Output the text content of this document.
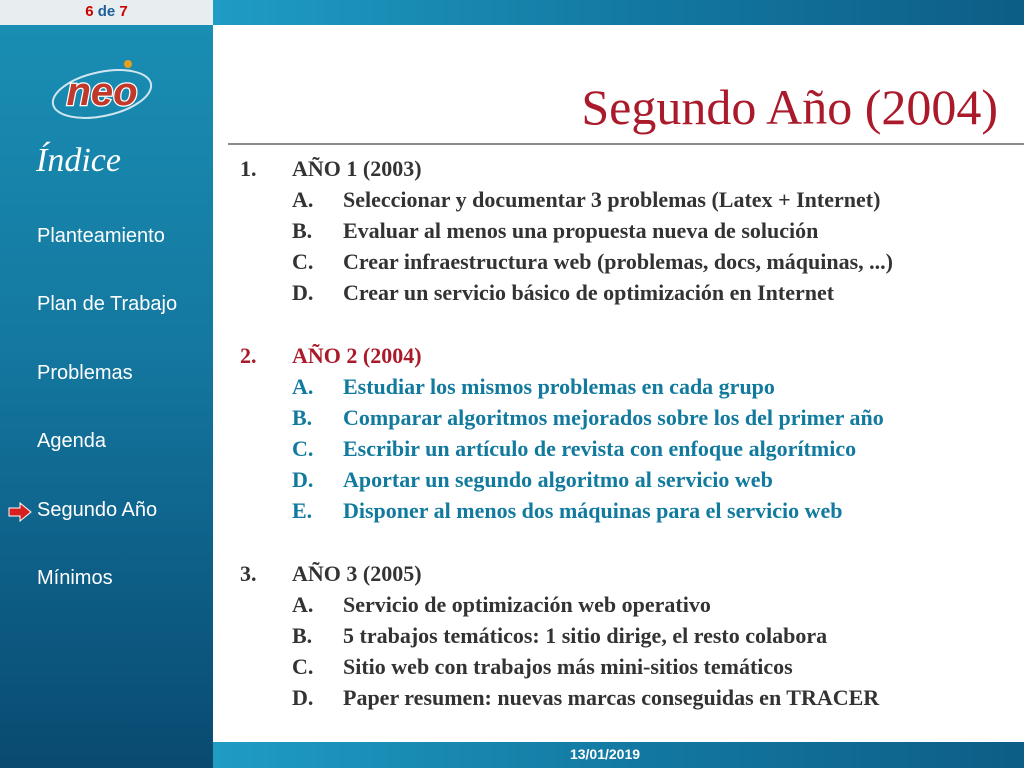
6 de 7
neo
Índice
Planteamiento
Plan de Trabajo
Problemas
Agenda
Segundo Año
Mínimos
Segundo Año (2004)
1. AÑO 1 (2003)
A. Seleccionar y documentar 3 problemas (Latex + Internet)
B. Evaluar al menos una propuesta nueva de solución
C. Crear infraestructura web (problemas, docs, máquinas, ...)
D. Crear un servicio básico de optimización en Internet
2. AÑO 2 (2004)
A. Estudiar los mismos problemas en cada grupo
B. Comparar algoritmos mejorados sobre los del primer año
C. Escribir un artículo de revista con enfoque algorítmico
D. Aportar un segundo algoritmo al servicio web
E. Disponer al menos dos máquinas para el servicio web
3. AÑO 3 (2005)
A. Servicio de optimización web operativo
B. 5 trabajos temáticos: 1 sitio dirige, el resto colabora
C. Sitio web con trabajos más mini-sitios temáticos
D. Paper resumen: nuevas marcas conseguidas en TRACER
13/01/2019
